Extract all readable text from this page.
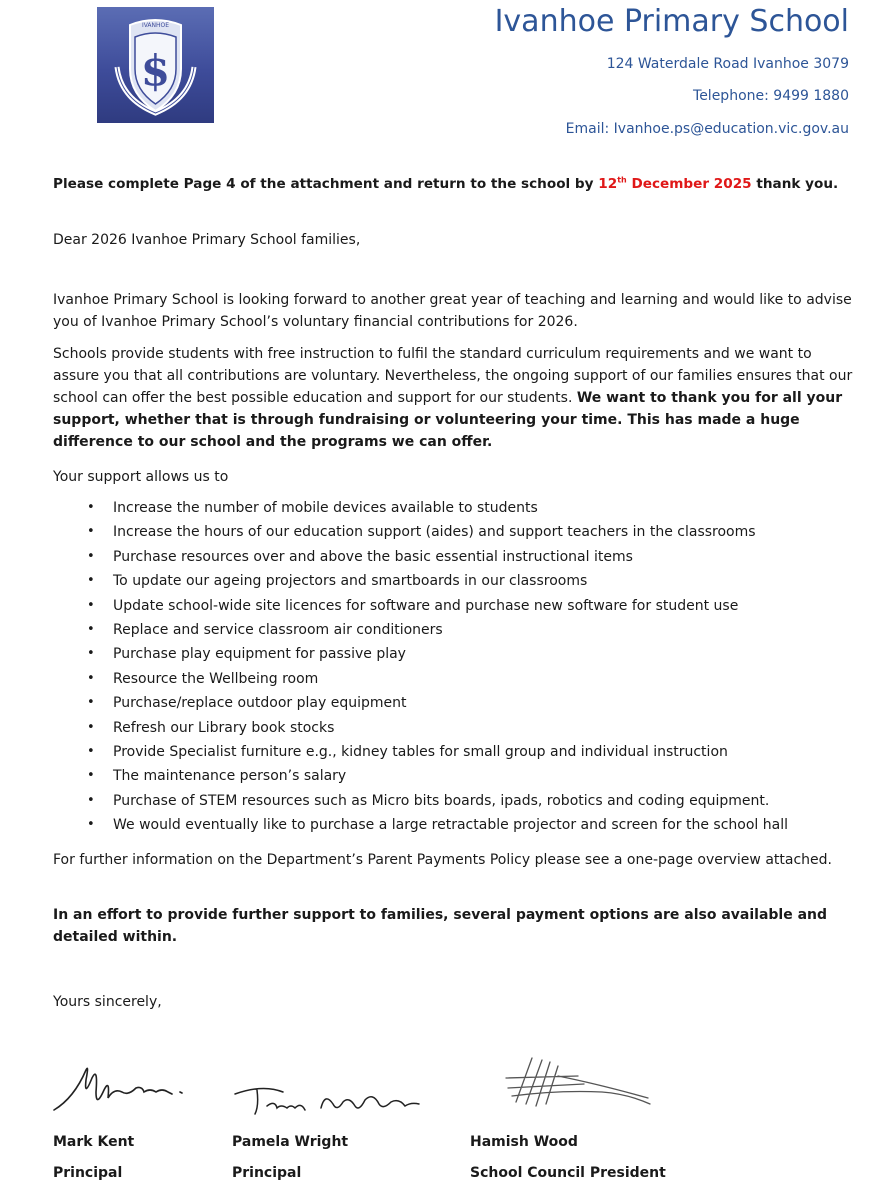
IVANHOE
$
Ivanhoe Primary School

124 Waterdale Road Ivanhoe 3079

Telephone: 9499 1880

Email: Ivanhoe.ps@education.vic.gov.au

Please complete Page 4 of the attachment and return to the school by 12th December 2025 thank you.

Dear 2026 Ivanhoe Primary School families,

Ivanhoe Primary School is looking forward to another great year of teaching and learning and would like to advise you of Ivanhoe Primary School’s voluntary financial contributions for 2026.

Schools provide students with free instruction to fulfil the standard curriculum requirements and we want to assure you that all contributions are voluntary. Nevertheless, the ongoing support of our families ensures that our school can offer the best possible education and support for our students. We want to thank you for all your support, whether that is through fundraising or volunteering your time. This has made a huge difference to our school and the programs we can offer.

Your support allows us to

• Increase the number of mobile devices available to students
• Increase the hours of our education support (aides) and support teachers in the classrooms
• Purchase resources over and above the basic essential instructional items
• To update our ageing projectors and smartboards in our classrooms
• Update school-wide site licences for software and purchase new software for student use
• Replace and service classroom air conditioners
• Purchase play equipment for passive play
• Resource the Wellbeing room
• Purchase/replace outdoor play equipment
• Refresh our Library book stocks
• Provide Specialist furniture e.g., kidney tables for small group and individual instruction
• The maintenance person’s salary
• Purchase of STEM resources such as Micro bits boards, ipads, robotics and coding equipment.
• We would eventually like to purchase a large retractable projector and screen for the school hall

For further information on the Department’s Parent Payments Policy please see a one-page overview attached.

In an effort to provide further support to families, several payment options are also available and detailed within.

Yours sincerely,

Mark Kent

Principal

Pamela Wright

Principal

Hamish Wood

School Council President
